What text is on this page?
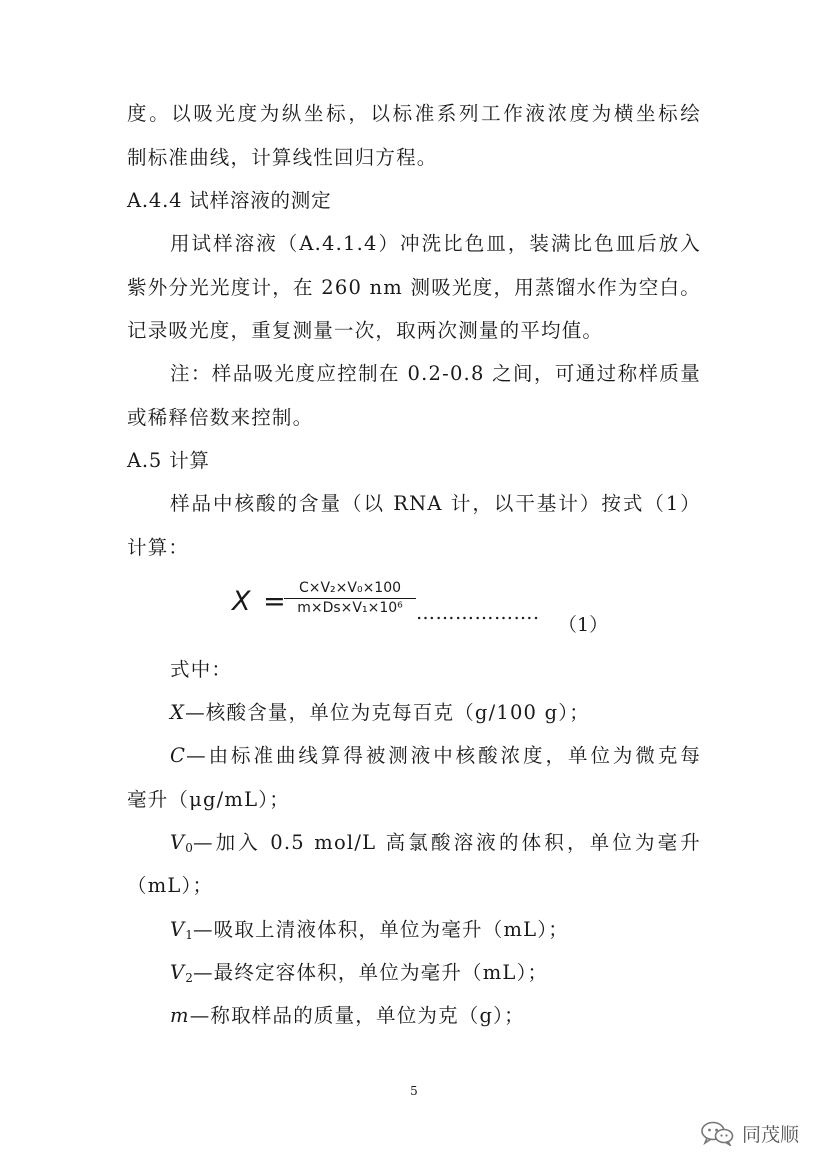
度。以吸光度为纵坐标，以标准系列工作液浓度为横坐标绘
制标准曲线，计算线性回归方程。
A.4.4 试样溶液的测定
用试样溶液（A.4.1.4）冲洗比色皿，装满比色皿后放入
紫外分光光度计，在 260 nm 测吸光度，用蒸馏水作为空白。
记录吸光度，重复测量一次，取两次测量的平均值。
注：样品吸光度应控制在 0.2-0.8 之间，可通过称样质量
或稀释倍数来控制。
A.5 计算
样品中核酸的含量（以 RNA 计，以干基计）按式（1）
计算：
X =
$\frac{\text{C×V₂×V₀×100}}{\text{m×Ds×V₁×10⁶}}$ ……………….
（1）
式中：
X—核酸含量，单位为克每百克（g/100 g）；
C—由标准曲线算得被测液中核酸浓度，单位为微克每
毫升（μg/mL）；
$V_0—$加入 0.5 mol/L 高氯酸溶液的体积，单位为毫升
（mL）；
$V_1—$吸取上清液体积，单位为毫升（mL）；
$V_2—$最终定容体积，单位为毫升（mL）；
m—称取样品的质量，单位为克（g）；
5
同茂顺
